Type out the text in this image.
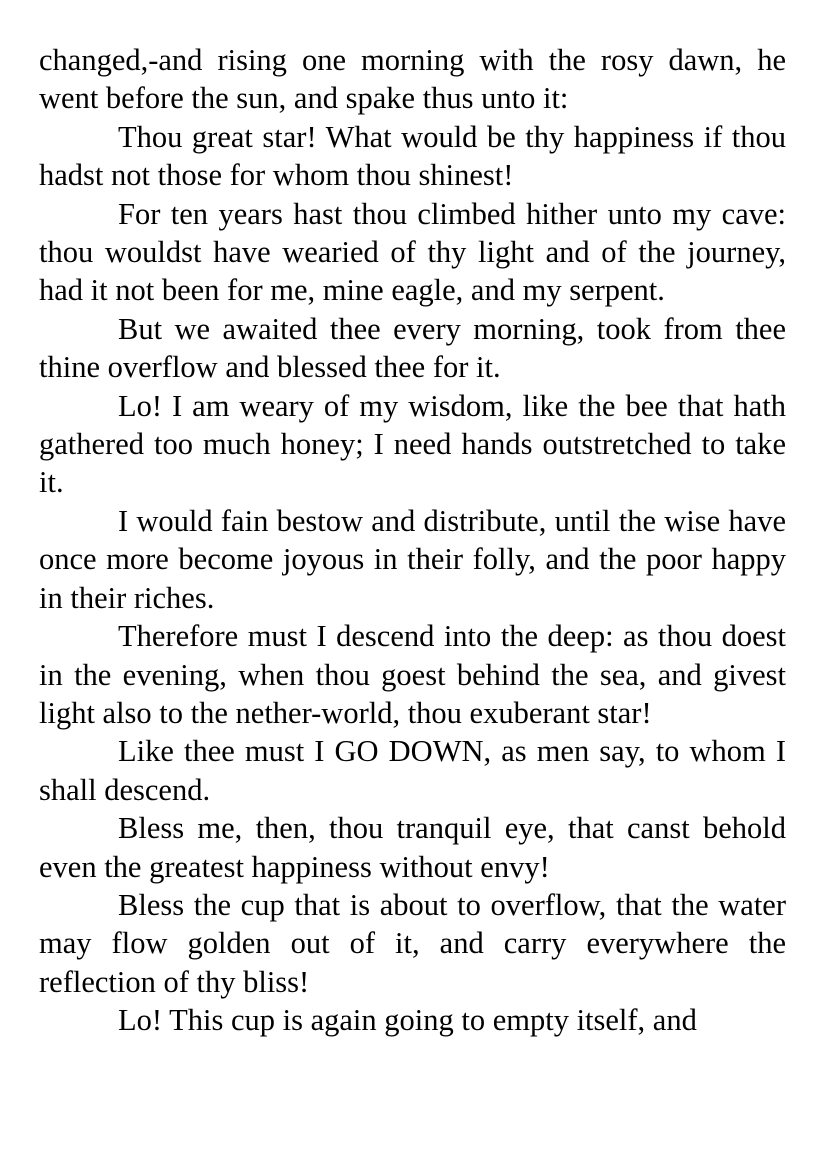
changed,-and rising one morning with the rosy dawn, he went before the sun, and spake thus unto it:

Thou great star! What would be thy happiness if thou hadst not those for whom thou shinest!

For ten years hast thou climbed hither unto my cave: thou wouldst have wearied of thy light and of the journey, had it not been for me, mine eagle, and my serpent.

But we awaited thee every morning, took from thee thine overflow and blessed thee for it.

Lo! I am weary of my wisdom, like the bee that hath gathered too much honey; I need hands outstretched to take it.

I would fain bestow and distribute, until the wise have once more become joyous in their folly, and the poor happy in their riches.

Therefore must I descend into the deep: as thou doest in the evening, when thou goest behind the sea, and givest light also to the nether-world, thou exuberant star!

Like thee must I GO DOWN, as men say, to whom I shall descend.

Bless me, then, thou tranquil eye, that canst behold even the greatest happiness without envy!

Bless the cup that is about to overflow, that the water may flow golden out of it, and carry everywhere the reflection of thy bliss!

Lo! This cup is again going to empty itself, and
